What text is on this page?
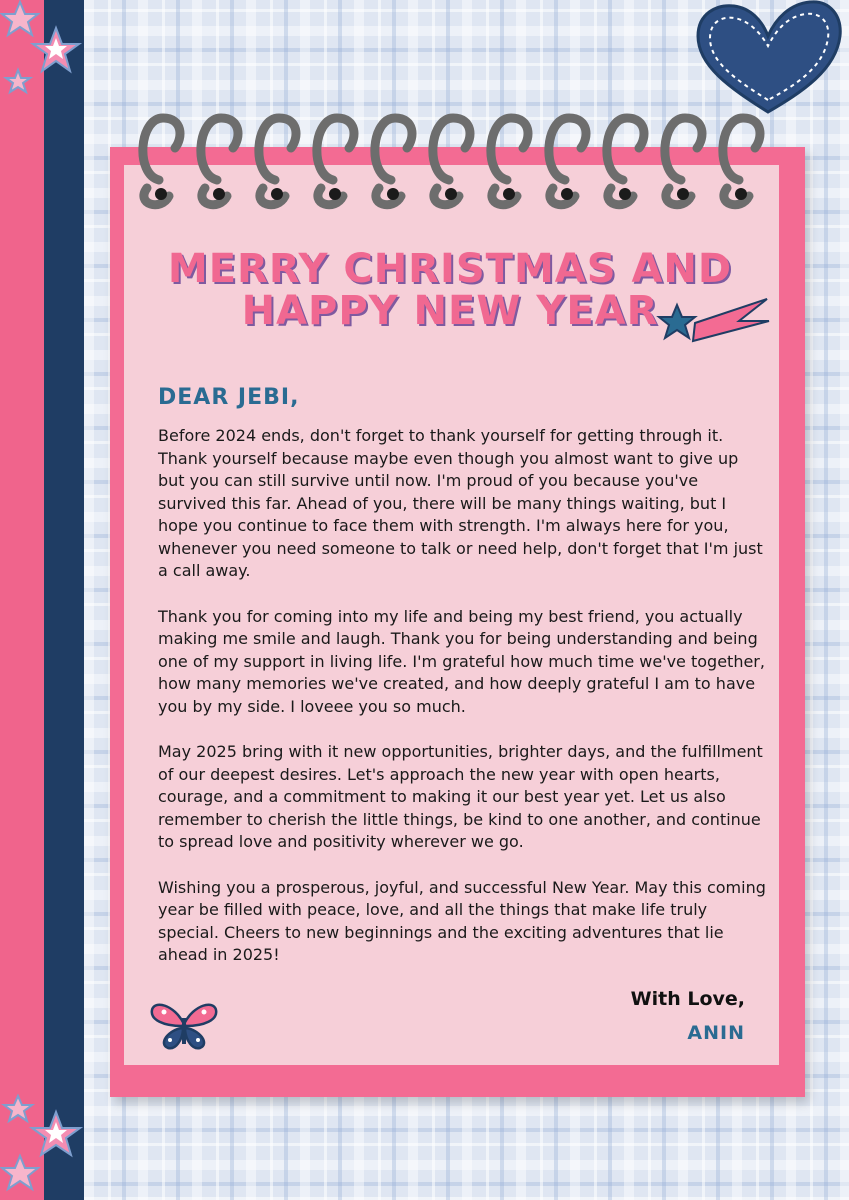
MERRY CHRISTMAS AND
HAPPY NEW YEAR
DEAR JEBI,

Before 2024 ends, don't forget to thank yourself for getting through it. Thank yourself because maybe even though you almost want to give up but you can still survive until now. I'm proud of you because you've survived this far. Ahead of you, there will be many things waiting, but I hope you continue to face them with strength. I'm always here for you, whenever you need someone to talk or need help, don't forget that I'm just a call away.

Thank you for coming into my life and being my best friend, you actually making me smile and laugh. Thank you for being understanding and being one of my support in living life. I'm grateful how much time we've together, how many memories we've created, and how deeply grateful I am to have you by my side. I loveee you so much.

May 2025 bring with it new opportunities, brighter days, and the fulfillment of our deepest desires. Let's approach the new year with open hearts, courage, and a commitment to making it our best year yet. Let us also remember to cherish the little things, be kind to one another, and continue to spread love and positivity wherever we go.

Wishing you a prosperous, joyful, and successful New Year. May this coming year be filled with peace, love, and all the things that make life truly special. Cheers to new beginnings and the exciting adventures that lie ahead in 2025!

With Love,

ANIN
